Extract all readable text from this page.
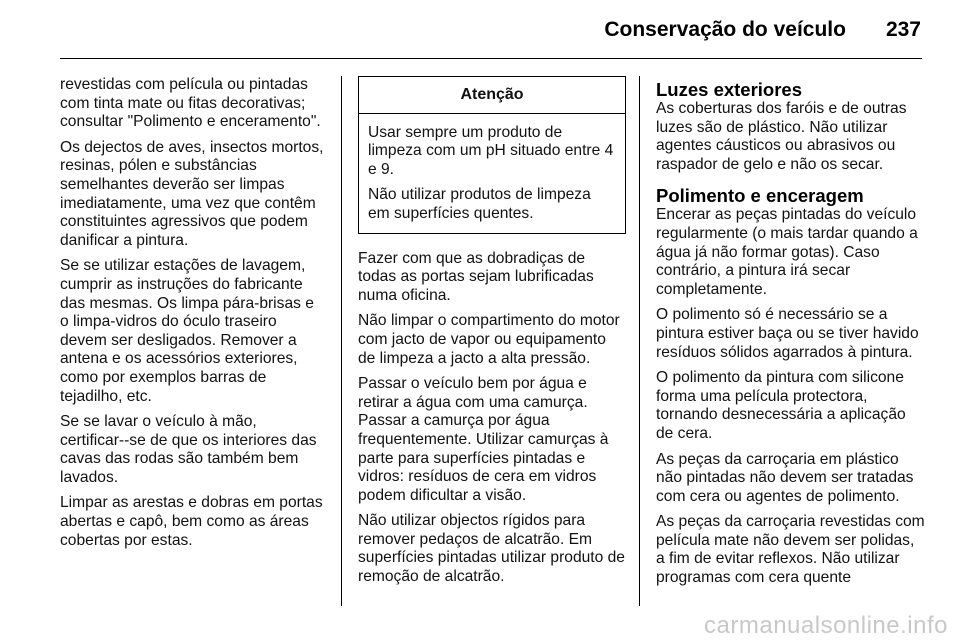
Conservação do veículo 237

revestidas com película ou pintadas com tinta mate ou fitas decorativas; consultar "Polimento e enceramento".

Os dejectos de aves, insectos mortos, resinas, pólen e substâncias semelhantes deverão ser limpas imediatamente, uma vez que contêm constituintes agressivos que podem danificar a pintura.

Se se utilizar estações de lavagem, cumprir as instruções do fabricante das mesmas. Os limpa pára-brisas e o limpa-vidros do óculo traseiro devem ser desligados. Remover a antena e os acessórios exteriores, como por exemplos barras de tejadilho, etc.

Se se lavar o veículo à mão, certificar--se de que os interiores das cavas das rodas são também bem lavados.

Limpar as arestas e dobras em portas abertas e capô, bem como as áreas cobertas por estas.

Atenção

Usar sempre um produto de limpeza com um pH situado entre 4 e 9.

Não utilizar produtos de limpeza em superfícies quentes.

Fazer com que as dobradiças de todas as portas sejam lubrificadas numa oficina.

Não limpar o compartimento do motor com jacto de vapor ou equipamento de limpeza a jacto a alta pressão.

Passar o veículo bem por água e retirar a água com uma camurça. Passar a camurça por água frequentemente. Utilizar camurças à parte para superfícies pintadas e vidros: resíduos de cera em vidros podem dificultar a visão.

Não utilizar objectos rígidos para remover pedaços de alcatrão. Em superfícies pintadas utilizar produto de remoção de alcatrão.

Luzes exteriores

As coberturas dos faróis e de outras luzes são de plástico. Não utilizar agentes cáusticos ou abrasivos ou raspador de gelo e não os secar.

Polimento e enceragem

Encerar as peças pintadas do veículo regularmente (o mais tardar quando a água já não formar gotas). Caso contrário, a pintura irá secar completamente.

O polimento só é necessário se a pintura estiver baça ou se tiver havido resíduos sólidos agarrados à pintura.

O polimento da pintura com silicone forma uma película protectora, tornando desnecessária a aplicação de cera.

As peças da carroçaria em plástico não pintadas não devem ser tratadas com cera ou agentes de polimento.

As peças da carroçaria revestidas com película mate não devem ser polidas, a fim de evitar reflexos. Não utilizar programas com cera quente

carmanualsonline.info
